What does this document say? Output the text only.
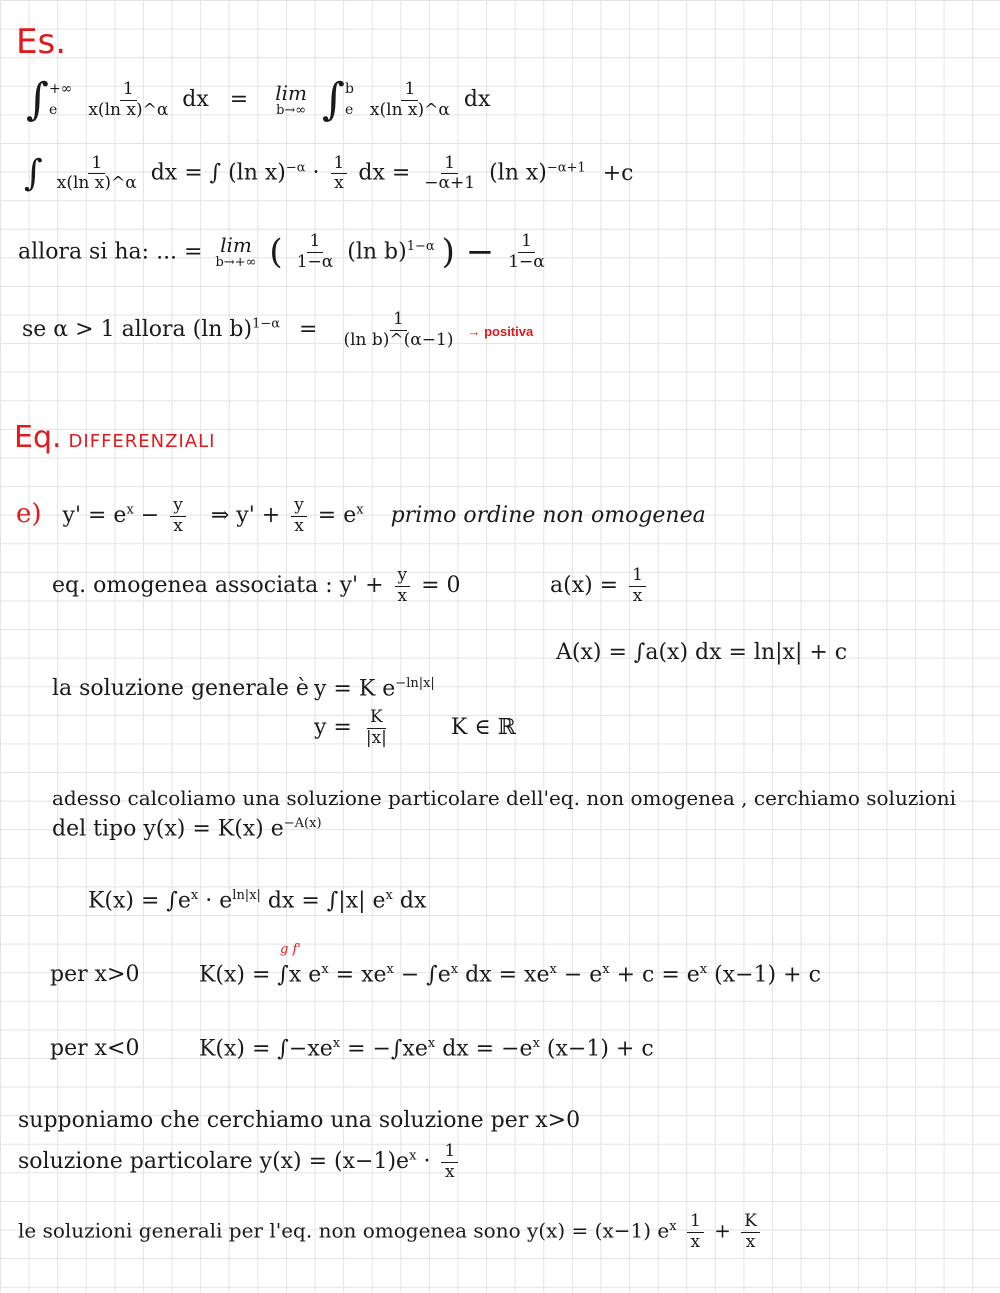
Es.
∫ +∞
e
	$\frac{1}{\text{x(ln x)\textasciicircum{}α}}$ dx = lim
b→∞
∫ b
e
$\frac{1}{\text{x(ln x)\textasciicircum{}α}}$ dx
∫ $\frac{1}{\text{x(ln x)\textasciicircum{}α}}$ dx = ∫ (ln $x)^{-\alpha} \cdot \frac{1}{x}$ dx = $\frac{1}{-\alpha+1} (\ln$ x)$^{-\alpha+1}$ +c
allora si ha: ... = lim
b→+∞ ( $\frac{1}{1-\alpha} (\ln$ b)$^{1-\alpha}$ ) − $\frac{1}{1-\alpha}$
se α > 1 allora (ln $b)^{1-\alpha} = \frac{1}{\text{(ln b)\textasciicircum{}(α−1)}}$ → positiva
Eq. DIFFERENZIALI
e) $y' = e^x - \frac{y}{x}$ ⇒ $y' + \frac{y}{x} = e^x$ primo ordine non omogenea
eq. omogenea associata : $y' + \frac{y}{x} = 0$	$a(x) = \frac{1}{x}$
A(x) = ∫a(x) dx = ln|x| + c
la soluzione generale è y = K $e^{-ln|x|}$
$y = \frac{K}{|x|}$	K ∈ ℝ
adesso calcoliamo una soluzione particolare dell'eq. non omogenea , cerchiamo soluzioni
del tipo y(x) = K(x) $e^{-A(x)}$
$K(x) = \int e^x \cdot e^{ln|x|}$ dx = ∫|x| $e^x$ dx
g f'
per x>0	K(x) = ∫x $e^x = xe^x - \int e^x$ dx = $xe^x - e^x + c = e^x$ (x−1) + c
per x<0	$K(x) = \int-xe^x = -\int xe^x$ dx = $-e^x$ (x−1) + c
supponiamo che cerchiamo una soluzione per x>0
soluzione particolare $y(x) = (x-1)e^x \cdot \frac{1}{x}$
le soluzioni generali per l'eq. non omogenea sono y(x) = (x−1) $e^x \frac{1}{x} + \frac{K}{x}$
